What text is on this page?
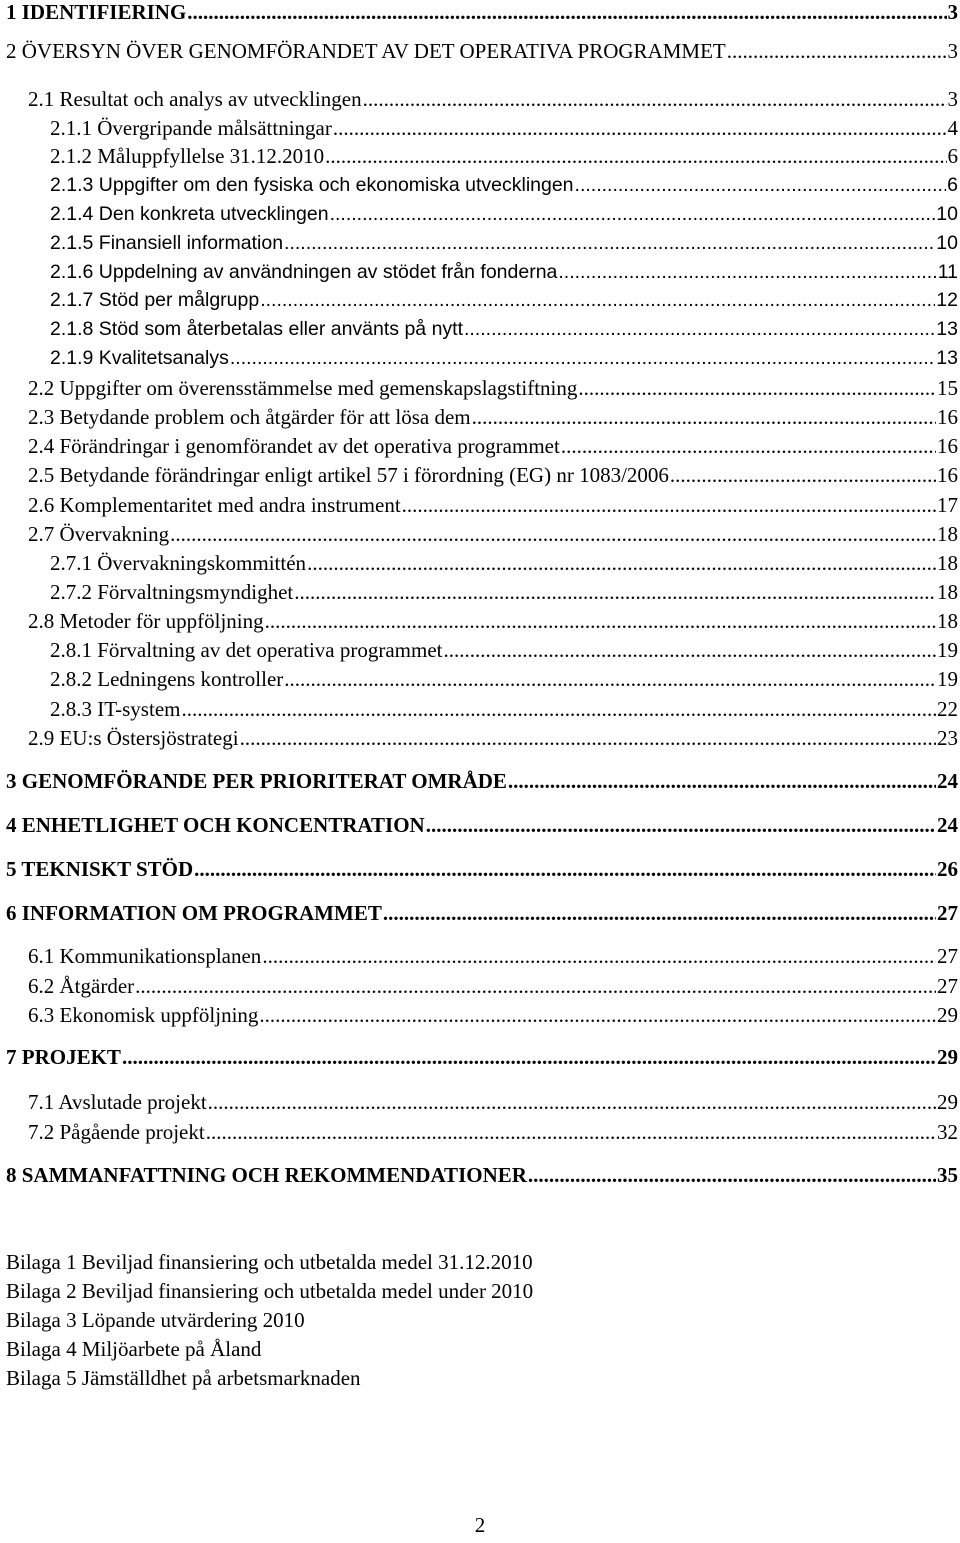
1 IDENTIFIERING .....	3
2 ÖVERSYN ÖVER GENOMFÖRANDET AV DET OPERATIVA PROGRAMMET .....	3
2.1 Resultat och analys av utvecklingen .....	3
2.1.1 Övergripande målsättningar .....	4
2.1.2 Måluppfyllelse 31.12.2010 .....	6
2.1.3 Uppgifter om den fysiska och ekonomiska utvecklingen .....	6
2.1.4 Den konkreta utvecklingen .....	10
2.1.5 Finansiell information .....	10
2.1.6 Uppdelning av användningen av stödet från fonderna .....	11
2.1.7 Stöd per målgrupp .....	12
2.1.8 Stöd som återbetalas eller använts på nytt .....	13
2.1.9 Kvalitetsanalys .....	13
2.2 Uppgifter om överensstämmelse med gemenskapslagstiftning .....	15
2.3 Betydande problem och åtgärder för att lösa dem .....	16
2.4 Förändringar i genomförandet av det operativa programmet .....	16
2.5 Betydande förändringar enligt artikel 57 i förordning (EG) nr 1083/2006 .....	16
2.6 Komplementaritet med andra instrument .....	17
2.7 Övervakning .....	18
2.7.1 Övervakningskommittén .....	18
2.7.2 Förvaltningsmyndighet .....	18
2.8 Metoder för uppföljning .....	18
2.8.1 Förvaltning av det operativa programmet .....	19
2.8.2 Ledningens kontroller .....	19
2.8.3 IT-system .....	22
2.9 EU:s Östersjöstrategi .....	23
3 GENOMFÖRANDE PER PRIORITERAT OMRÅDE .....	24
4 ENHETLIGHET OCH KONCENTRATION .....	24
5 TEKNISKT STÖD .....	26
6 INFORMATION OM PROGRAMMET .....	27
6.1 Kommunikationsplanen .....	27
6.2 Åtgärder .....	27
6.3 Ekonomisk uppföljning .....	29
7 PROJEKT .....	29
7.1 Avslutade projekt .....	29
7.2 Pågående projekt .....	32
8 SAMMANFATTNING OCH REKOMMENDATIONER .....	35
Bilaga 1 Beviljad finansiering och utbetalda medel 31.12.2010
Bilaga 2 Beviljad finansiering och utbetalda medel under 2010
Bilaga 3 Löpande utvärdering 2010
Bilaga 4 Miljöarbete på Åland
Bilaga 5 Jämställdhet på arbetsmarknaden
2
